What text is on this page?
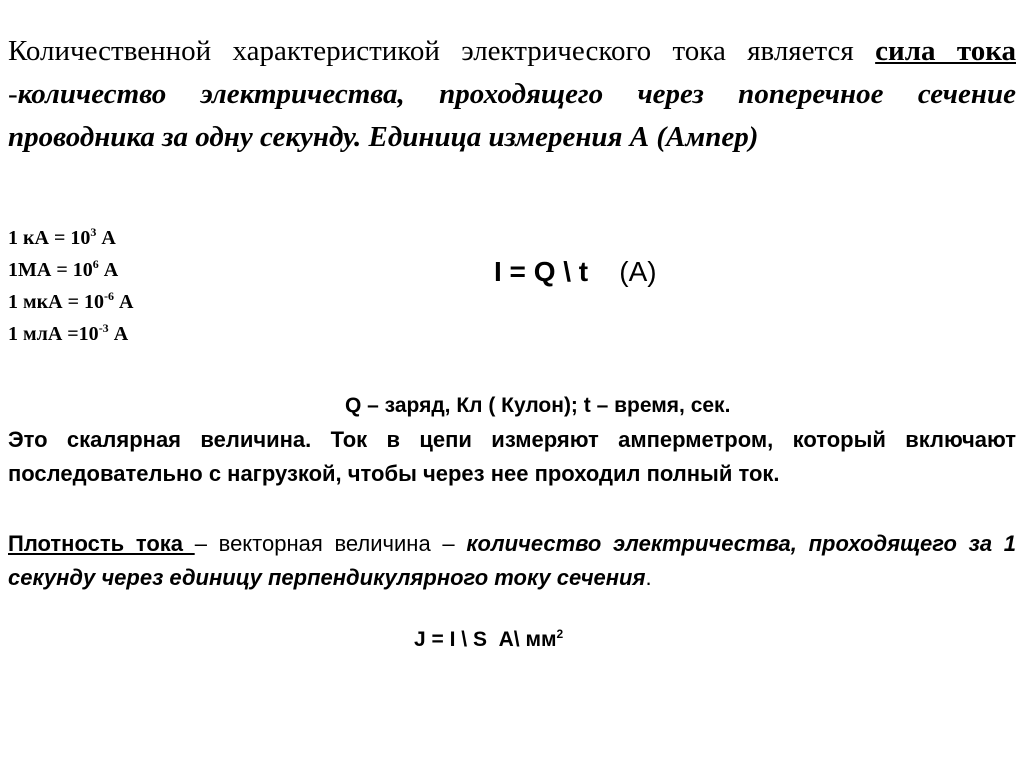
Количественной характеристикой электрического тока является сила тока -количество электричества, проходящего через поперечное сечение проводника за одну секунду. Единица измерения А (Ампер)

1 кА = $10^3$ А
$1МА = 10^6$ А
1 мкА = $10^{-6}$ А
1 млА $=10^{-3}$ А
I = Q \ t (А)
Q – заряд, Кл ( Кулон); t – время, сек.

Это скалярная величина. Ток в цепи измеряют амперметром, который включают последовательно с нагрузкой, чтобы через нее проходил полный ток.

Плотность тока – векторная величина – количество электричества, проходящего за 1 секунду через единицу перпендикулярного току сечения.

J = I \ S  А\ $мм^2$
